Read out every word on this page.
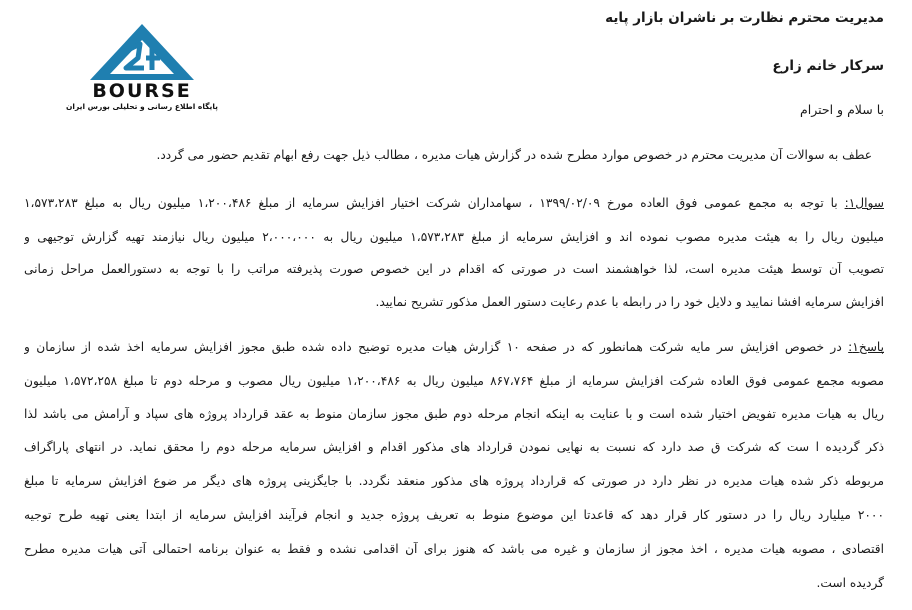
BOURSE
پایگاه اطلاع رسانی و تحلیلی بورس ایران
مدیریت محترم نظارت بر ناشران بازار پایه
سرکار خانم زارع
با سلام و احترام
عطف به سوالات آن مدیریت محترم در خصوص موارد مطرح شده در گزارش هیات مدیره ، مطالب ذیل جهت رفع ابهام تقدیم حضور می گردد.
سوال۱: با توجه به مجمع عمومی فوق العاده مورخ ۱۳۹۹/۰۲/۰۹ ، سهامداران شرکت اختیار افزایش سرمایه از مبلغ ۱،۲۰۰،۴۸۶ میلیون ریال به مبلغ ۱،۵۷۳،۲۸۳
میلیون ریال را به هیئت مدیره مصوب نموده اند و افزایش سرمایه از مبلغ ۱،۵۷۳،۲۸۳ میلیون ریال به ۲،۰۰۰،۰۰۰ میلیون ریال نیازمند تهیه گزارش توجیهی و
تصویب آن توسط هیئت مدیره است، لذا خواهشمند است در صورتی که اقدام در این خصوص صورت پذیرفته مراتب را با توجه به دستورالعمل مراحل زمانی
افزایش سرمایه افشا نمایید و دلایل خود را در رابطه با عدم رعایت دستور العمل مذکور تشریح نمایید.
پاسخ۱: در خصوص افزایش سر مایه شرکت همانطور که در صفحه ۱۰ گزارش هیات مدیره توضیح داده شده طبق مجوز افزایش سرمایه اخذ شده از سازمان و
مصوبه مجمع عمومی فوق العاده شرکت افزایش سرمایه از مبلغ ۸۶۷،۷۶۴ میلیون ریال به ۱،۲۰۰،۴۸۶ میلیون ریال مصوب و مرحله دوم تا مبلغ ۱،۵۷۲،۲۵۸ میلیون
ریال به هیات مدیره تفویض اختیار شده است و با عنایت به اینکه انجام مرحله دوم طبق مجوز سازمان منوط به عقد قرارداد پروژه های سپاد و آرامش می باشد لذا
ذکر گردیده ا ست که شرکت ق صد دارد که نسبت به نهایی نمودن قرارداد های مذکور اقدام و افزایش سرمایه مرحله دوم را محقق نماید. در انتهای پاراگراف
مربوطه ذکر شده هیات مدیره در نظر دارد در صورتی که قرارداد پروژه های مذکور منعقد نگردد. با جایگزینی پروژه های دیگر مر ضوع افزایش سرمایه تا مبلغ
۲۰۰۰ میلیارد ریال را در دستور کار قرار دهد که قاعدتا این موضوع منوط به تعریف پروژه جدید و انجام فرآیند افزایش سرمایه از ابتدا یعنی تهیه طرح توجیه
اقتصادی ، مصوبه هیات مدیره ، اخذ مجوز از سازمان و غیره می باشد که هنوز برای آن اقدامی نشده و فقط به عنوان برنامه احتمالی آتی هیات مدیره مطرح
گردیده است.
